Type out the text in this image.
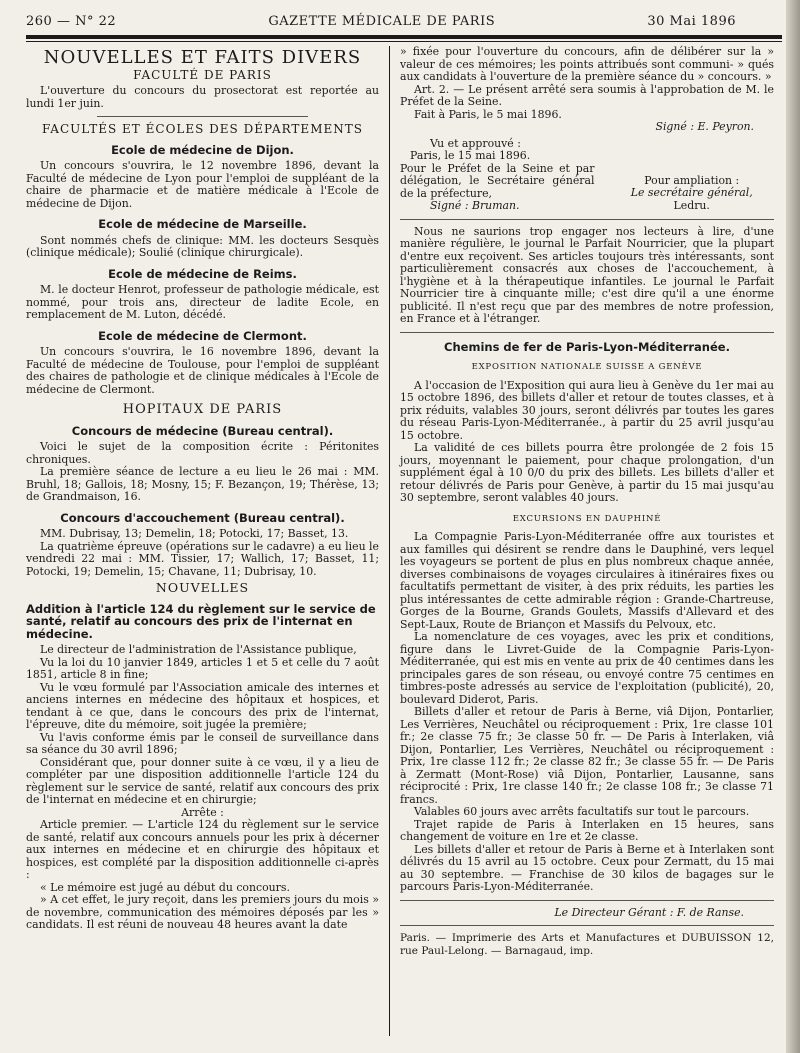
260 — N° 22	GAZETTE MÉDICALE DE PARIS	30 Mai 1896
NOUVELLES ET FAITS DIVERS
FACULTÉ DE PARIS

L'ouverture du concours du prosectorat est reportée au lundi 1er juin.

FACULTÉS ET ÉCOLES DES DÉPARTEMENTS
Ecole de médecine de Dijon.

Un concours s'ouvrira, le 12 novembre 1896, devant la Faculté de médecine de Lyon pour l'emploi de suppléant de la chaire de pharmacie et de matière médicale à l'Ecole de médecine de Dijon.

Ecole de médecine de Marseille.

Sont nommés chefs de clinique: MM. les docteurs Sesquès (clinique médicale); Soulié (clinique chirurgicale).

Ecole de médecine de Reims.

M. le docteur Henrot, professeur de pathologie médicale, est nommé, pour trois ans, directeur de ladite Ecole, en remplacement de M. Luton, décédé.

Ecole de médecine de Clermont.

Un concours s'ouvrira, le 16 novembre 1896, devant la Faculté de médecine de Toulouse, pour l'emploi de suppléant des chaires de pathologie et de clinique médicales à l'Ecole de médecine de Clermont.

HOPITAUX DE PARIS
Concours de médecine (Bureau central).

Voici le sujet de la composition écrite : Péritonites chroniques.

La première séance de lecture a eu lieu le 26 mai : MM. Bruhl, 18; Gallois, 18; Mosny, 15; F. Bezançon, 19; Thérèse, 13; de Grandmaison, 16.

Concours d'accouchement (Bureau central).

MM. Dubrisay, 13; Demelin, 18; Potocki, 17; Basset, 13.

La quatrième épreuve (opérations sur le cadavre) a eu lieu le vendredi 22 mai : MM. Tissier, 17; Wallich, 17; Basset, 11; Potocki, 19; Demelin, 15; Chavane, 11; Dubrisay, 10.

NOUVELLES
Addition à l'article 124 du règlement sur le service de santé, relatif au concours des prix de l'internat en médecine.

Le directeur de l'administration de l'Assistance publique,

Vu la loi du 10 janvier 1849, articles 1 et 5 et celle du 7 août 1851, article 8 in fine;

Vu le vœu formulé par l'Association amicale des internes et anciens internes en médecine des hôpitaux et hospices, et tendant à ce que, dans le concours des prix de l'internat, l'épreuve, dite du mémoire, soit jugée la première;

Vu l'avis conforme émis par le conseil de surveillance dans sa séance du 30 avril 1896;

Considérant que, pour donner suite à ce vœu, il y a lieu de compléter par une disposition additionnelle l'article 124 du règlement sur le service de santé, relatif aux concours des prix de l'internat en médecine et en chirurgie;

Arrête :

Article premier. — L'article 124 du règlement sur le service de santé, relatif aux concours annuels pour les prix à décerner aux internes en médecine et en chirurgie des hôpitaux et hospices, est complété par la disposition additionnelle ci-après :

« Le mémoire est jugé au début du concours.

» A cet effet, le jury reçoit, dans les premiers jours du mois » de novembre, communication des mémoires déposés par les » candidats. Il est réuni de nouveau 48 heures avant la date

» fixée pour l'ouverture du concours, afin de délibérer sur la » valeur de ces mémoires; les points attribués sont communi- » qués aux candidats à l'ouverture de la première séance du » concours. »

Art. 2. — Le présent arrêté sera soumis à l'approbation de M. le Préfet de la Seine.

Fait à Paris, le 5 mai 1896.

Signé : E. Peyron.
Vu et approuvé :
Paris, le 15 mai 1896.
Pour le Préfet de la Seine et par délégation, le Secrétaire général de la préfecture,
Signé : Bruman.
Pour ampliation :
Le secrétaire général,
Ledru.

Nous ne saurions trop engager nos lecteurs à lire, d'une manière régulière, le journal le Parfait Nourricier, que la plupart d'entre eux reçoivent. Ses articles toujours très intéressants, sont particulièrement consacrés aux choses de l'accouchement, à l'hygiène et à la thérapeutique infantiles. Le journal le Parfait Nourricier tire à cinquante mille; c'est dire qu'il a une énorme publicité. Il n'est reçu que par des membres de notre profession, en France et à l'étranger.

Chemins de fer de Paris-Lyon-Méditerranée.
EXPOSITION NATIONALE SUISSE A GENÈVE

A l'occasion de l'Exposition qui aura lieu à Genève du 1er mai au 15 octobre 1896, des billets d'aller et retour de toutes classes, et à prix réduits, valables 30 jours, seront délivrés par toutes les gares du réseau Paris-Lyon-Méditerranée., à partir du 25 avril jusqu'au 15 octobre.

La validité de ces billets pourra être prolongée de 2 fois 15 jours, moyennant le paiement, pour chaque prolongation, d'un supplément égal à 10 0/0 du prix des billets. Les billets d'aller et retour délivrés de Paris pour Genève, à partir du 15 mai jusqu'au 30 septembre, seront valables 40 jours.

EXCURSIONS EN DAUPHINÉ

La Compagnie Paris-Lyon-Méditerranée offre aux touristes et aux familles qui désirent se rendre dans le Dauphiné, vers lequel les voyageurs se portent de plus en plus nombreux chaque année, diverses combinaisons de voyages circulaires à itinéraires fixes ou facultatifs permettant de visiter, à des prix réduits, les parties les plus intéressantes de cette admirable région : Grande-Chartreuse, Gorges de la Bourne, Grands Goulets, Massifs d'Allevard et des Sept-Laux, Route de Briançon et Massifs du Pelvoux, etc.

La nomenclature de ces voyages, avec les prix et conditions, figure dans le Livret-Guide de la Compagnie Paris-Lyon-Méditerranée, qui est mis en vente au prix de 40 centimes dans les principales gares de son réseau, ou envoyé contre 75 centimes en timbres-poste adressés au service de l'exploitation (publicité), 20, boulevard Diderot, Paris.

Billets d'aller et retour de Paris à Berne, viâ Dijon, Pontarlier, Les Verrières, Neuchâtel ou réciproquement : Prix, 1re classe 101 fr.; 2e classe 75 fr.; 3e classe 50 fr. — De Paris à Interlaken, viâ Dijon, Pontarlier, Les Verrières, Neuchâtel ou réciproquement : Prix, 1re classe 112 fr.; 2e classe 82 fr.; 3e classe 55 fr. — De Paris à Zermatt (Mont-Rose) viâ Dijon, Pontarlier, Lausanne, sans réciprocité : Prix, 1re classe 140 fr.; 2e classe 108 fr.; 3e classe 71 francs.

Valables 60 jours avec arrêts facultatifs sur tout le parcours.

Trajet rapide de Paris à Interlaken en 15 heures, sans changement de voiture en 1re et 2e classe.

Les billets d'aller et retour de Paris à Berne et à Interlaken sont délivrés du 15 avril au 15 octobre. Ceux pour Zermatt, du 15 mai au 30 septembre. — Franchise de 30 kilos de bagages sur le parcours Paris-Lyon-Méditerranée.

Le Directeur Gérant : F. de Ranse.
Paris. — Imprimerie des Arts et Manufactures et DUBUISSON 12, rue Paul-Lelong. — Barnagaud, imp.
